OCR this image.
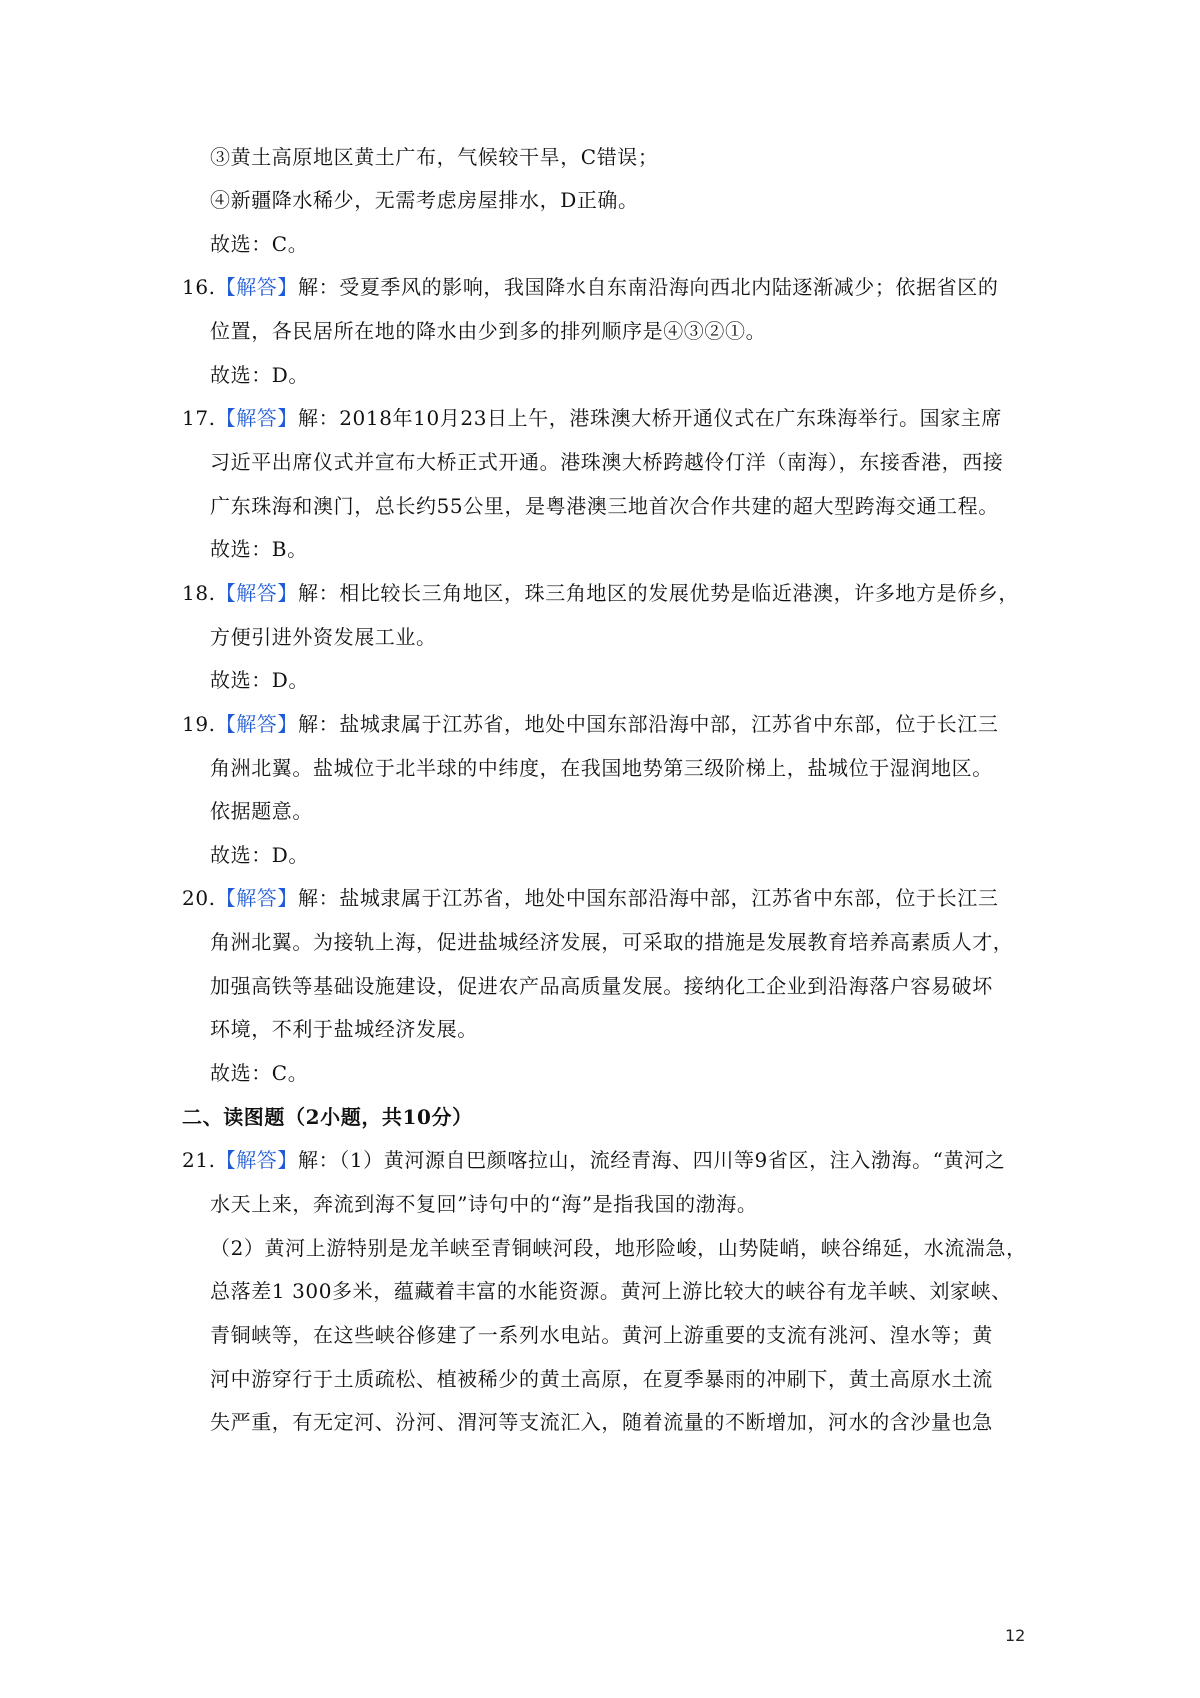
③黄土高原地区黄土广布，气候较干旱，C错误；
④新疆降水稀少，无需考虑房屋排水，D正确。
故选：C。
16.【解答】解：受夏季风的影响，我国降水自东南沿海向西北内陆逐渐减少；依据省区的
位置，各民居所在地的降水由少到多的排列顺序是④③②①。
故选：D。
17.【解答】解：2018年10月23日上午，港珠澳大桥开通仪式在广东珠海举行。国家主席
习近平出席仪式并宣布大桥正式开通。港珠澳大桥跨越伶仃洋（南海），东接香港，西接
广东珠海和澳门，总长约55公里，是粤港澳三地首次合作共建的超大型跨海交通工程。
故选：B。
18.【解答】解：相比较长三角地区，珠三角地区的发展优势是临近港澳，许多地方是侨乡，
方便引进外资发展工业。
故选：D。
19.【解答】解：盐城隶属于江苏省，地处中国东部沿海中部，江苏省中东部，位于长江三
角洲北翼。盐城位于北半球的中纬度，在我国地势第三级阶梯上，盐城位于湿润地区。
依据题意。
故选：D。
20.【解答】解：盐城隶属于江苏省，地处中国东部沿海中部，江苏省中东部，位于长江三
角洲北翼。为接轨上海，促进盐城经济发展，可采取的措施是发展教育培养高素质人才，
加强高铁等基础设施建设，促进农产品高质量发展。接纳化工企业到沿海落户容易破坏
环境，不利于盐城经济发展。
故选：C。
二、读图题（2小题，共10分）
21.【解答】解：（1）黄河源自巴颜喀拉山，流经青海、四川等9省区，注入渤海。“黄河之
水天上来，奔流到海不复回”诗句中的“海”是指我国的渤海。
（2）黄河上游特别是龙羊峡至青铜峡河段，地形险峻，山势陡峭，峡谷绵延，水流湍急，
总落差1 300多米，蕴藏着丰富的水能资源。黄河上游比较大的峡谷有龙羊峡、刘家峡、
青铜峡等，在这些峡谷修建了一系列水电站。黄河上游重要的支流有洮河、湟水等；黄
河中游穿行于土质疏松、植被稀少的黄土高原，在夏季暴雨的冲刷下，黄土高原水土流
失严重，有无定河、汾河、渭河等支流汇入，随着流量的不断增加，河水的含沙量也急
12
